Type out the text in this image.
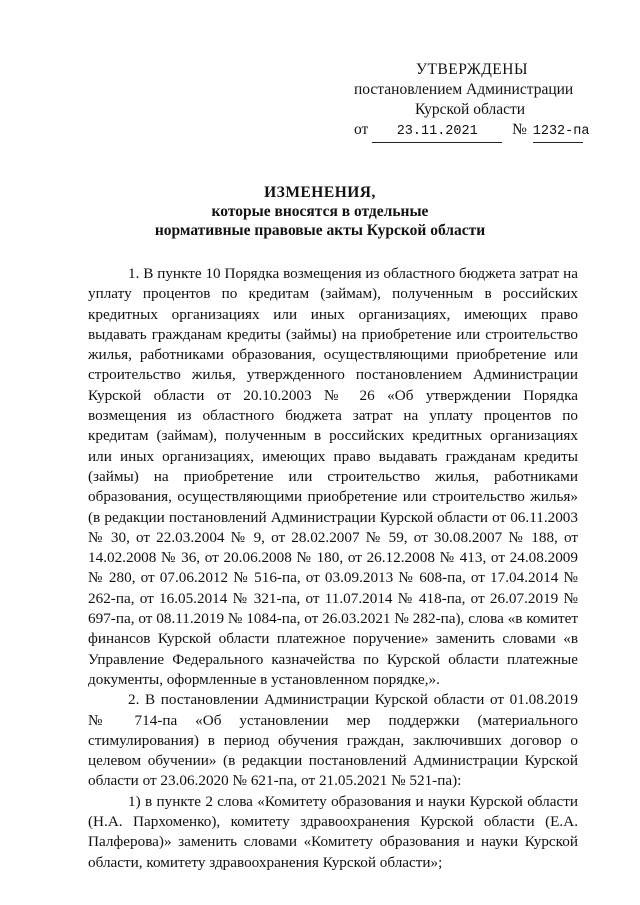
УТВЕРЖДЕНЫ
постановлением Администрации
Курской области
от 23.11.2021 № 1232-па
ИЗМЕНЕНИЯ,
которые вносятся в отдельные
нормативные правовые акты Курской области

1. В пункте 10 Порядка возмещения из областного бюджета затрат на уплату процентов по кредитам (займам), полученным в российских кредитных организациях или иных организациях, имеющих право выдавать гражданам кредиты (займы) на приобретение или строительство жилья, работниками образования, осуществляющими приобретение или строительство жилья, утвержденного постановлением Администрации Курской области от 20.10.2003 № 26 «Об утверждении Порядка возмещения из областного бюджета затрат на уплату процентов по кредитам (займам), полученным в российских кредитных организациях или иных организациях, имеющих право выдавать гражданам кредиты (займы) на приобретение или строительство жилья, работниками образования, осуществляющими приобретение или строительство жилья» (в редакции постановлений Администрации Курской области от 06.11.2003 № 30, от 22.03.2004 № 9, от 28.02.2007 № 59, от 30.08.2007 № 188, от 14.02.2008 № 36, от 20.06.2008 № 180, от 26.12.2008 № 413, от 24.08.2009 № 280, от 07.06.2012 № 516-па, от 03.09.2013 № 608-па, от 17.04.2014 № 262-па, от 16.05.2014 № 321-па, от 11.07.2014 № 418-па, от 26.07.2019 № 697-па, от 08.11.2019 № 1084-па, от 26.03.2021 № 282-па), слова «в комитет финансов Курской области платежное поручение» заменить словами «в Управление Федерального казначейства по Курской области платежные документы, оформленные в установленном порядке,».

2. В постановлении Администрации Курской области от 01.08.2019 № 714-па «Об установлении мер поддержки (материального стимулирования) в период обучения граждан, заключивших договор о целевом обучении» (в редакции постановлений Администрации Курской области от 23.06.2020 № 621-па, от 21.05.2021 № 521-па):

1) в пункте 2 слова «Комитету образования и науки Курской области (Н.А. Пархоменко), комитету здравоохранения Курской области (Е.А. Палферова)» заменить словами «Комитету образования и науки Курской области, комитету здравоохранения Курской области»;
